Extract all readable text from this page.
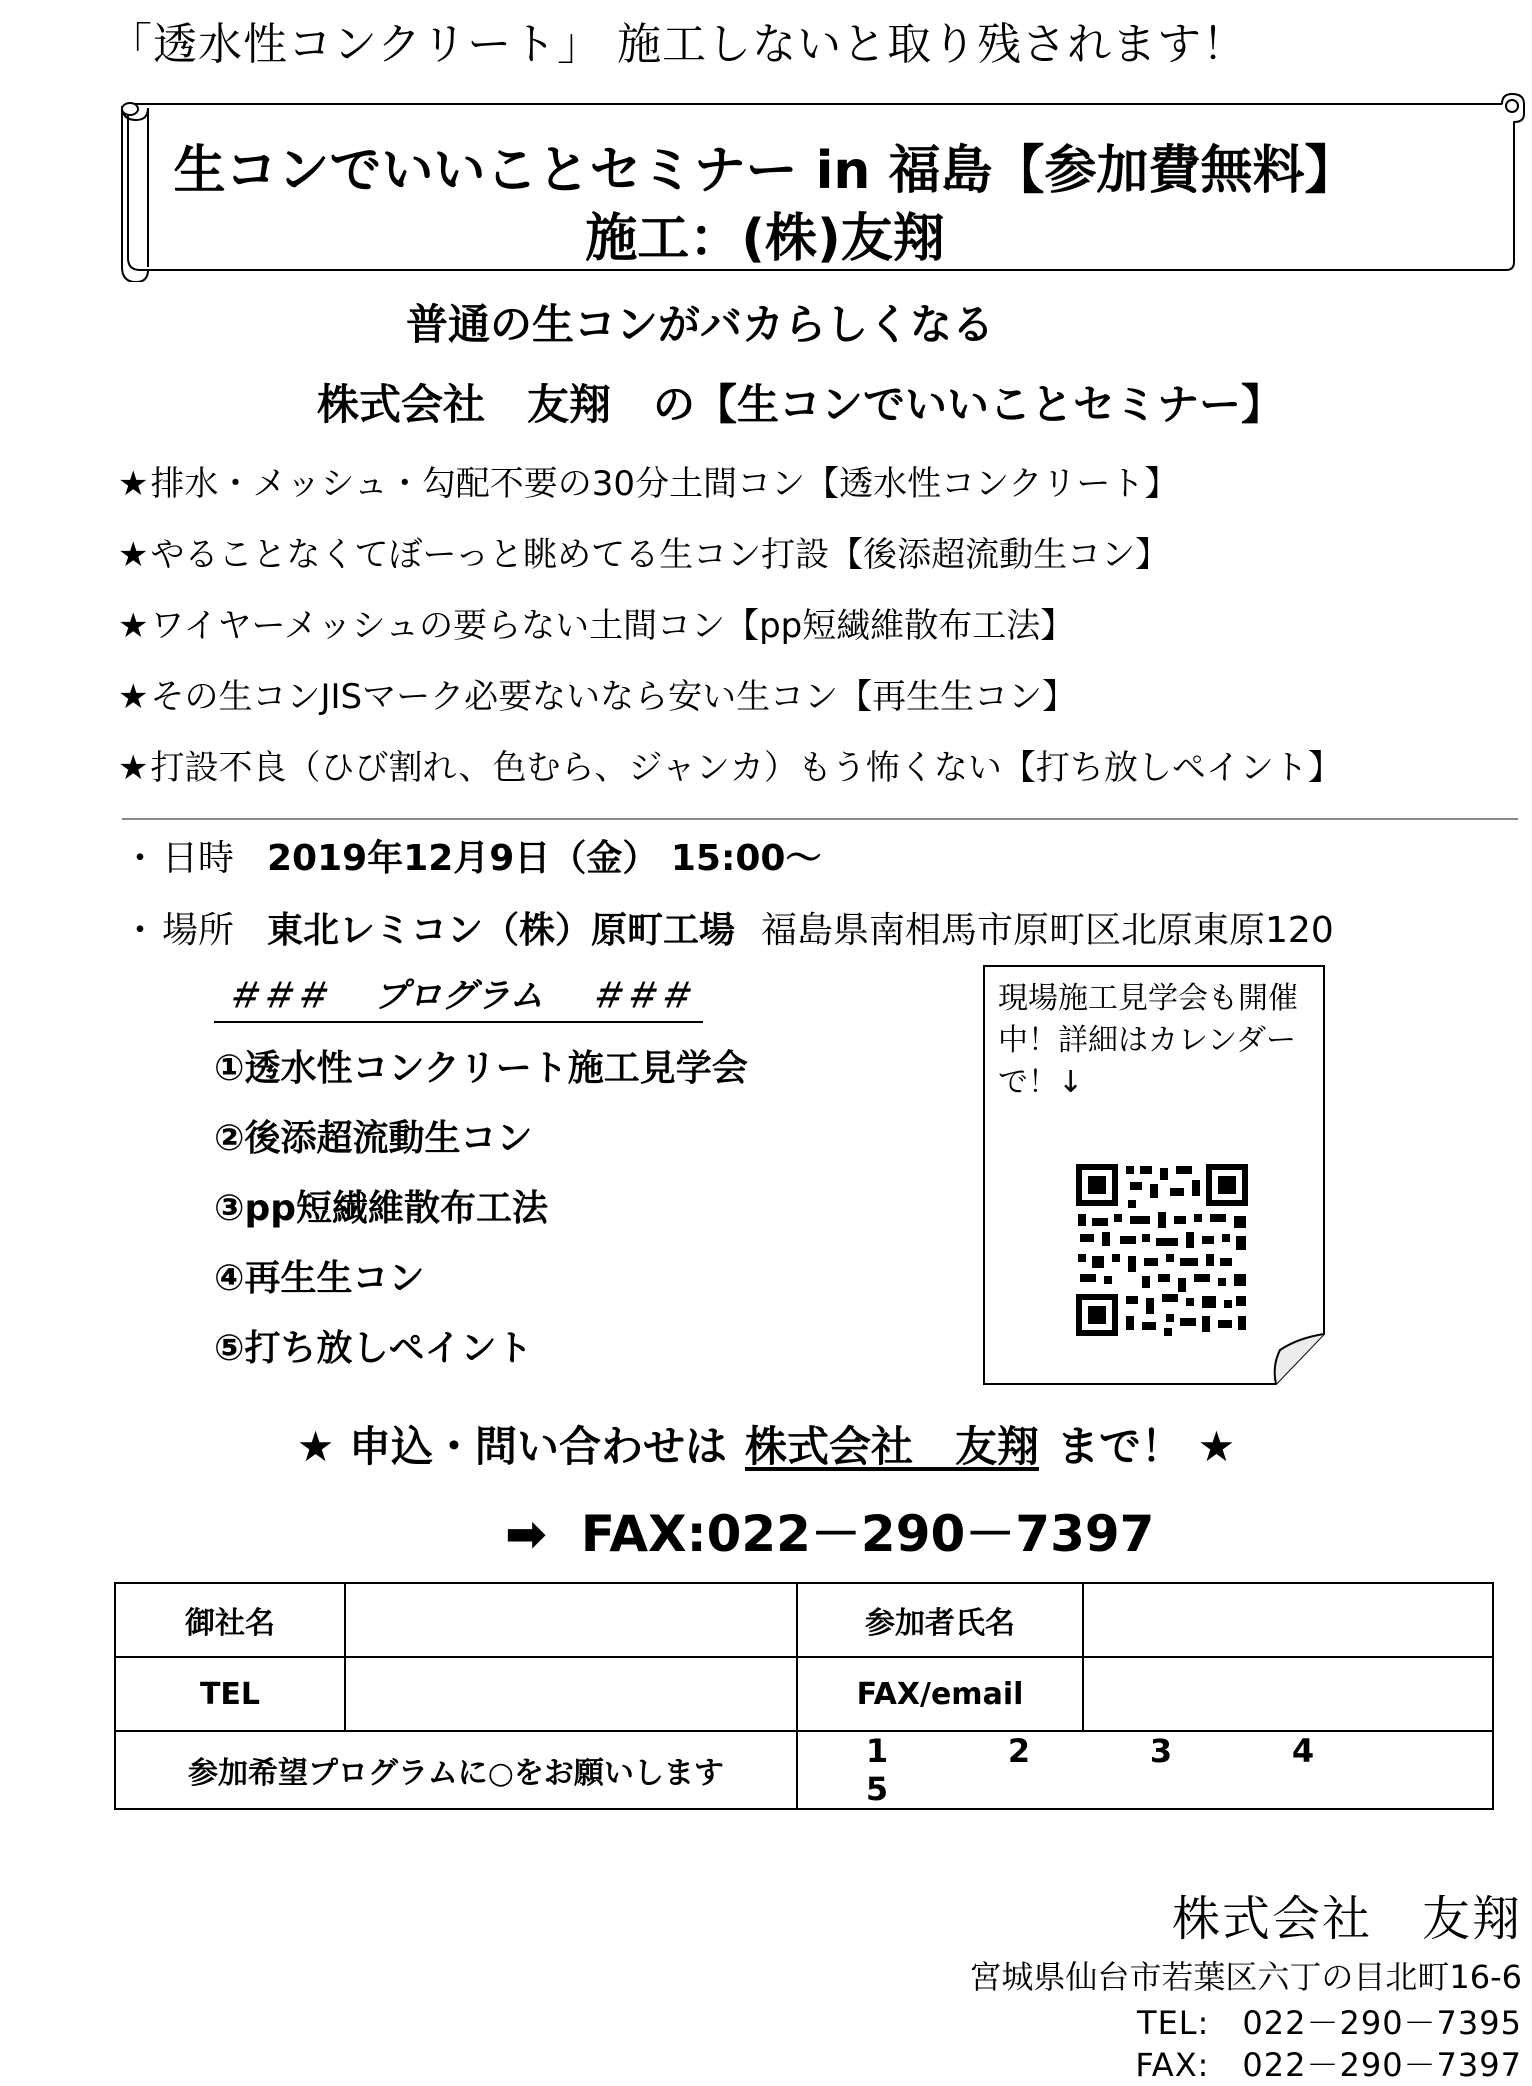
「透水性コンクリート」 施工しないと取り残されます！
生コンでいいことセミナー in 福島【参加費無料】
施工：(株)友翔
普通の生コンがバカらしくなる
株式会社　友翔　の【生コンでいいことセミナー】
★排水・メッシュ・勾配不要の30分土間コン【透水性コンクリート】
★やることなくてぼーっと眺めてる生コン打設【後添超流動生コン】
★ワイヤーメッシュの要らない土間コン【pp短繊維散布工法】
★その生コンJISマーク必要ないなら安い生コン【再生生コン】
★打設不良（ひび割れ、色むら、ジャンカ）もう怖くない【打ち放しペイント】
・ 日時 2019年12月9日（金） 15:00～
・ 場所 東北レミコン（株）原町工場 福島県南相馬市原町区北原東原120
＃＃＃　 プログラム 　＃＃＃
①透水性コンクリート施工見学会
②後添超流動生コン
③pp短繊維散布工法
④再生生コン
⑤打ち放しペイント
現場施工見学会も開催中！詳細はカレンダーで！↓
★ 申込・問い合わせは 株式会社　友翔 まで！ ★
➡ FAX:022－290－7397
御社名		参加者氏名	
TEL		FAX/email	
参加希望プログラムに○をお願いします		1 2 3 45	
株式会社　友翔
宮城県仙台市若葉区六丁の目北町16-6
TEL:　022－290－7395
FAX:　022－290－7397
